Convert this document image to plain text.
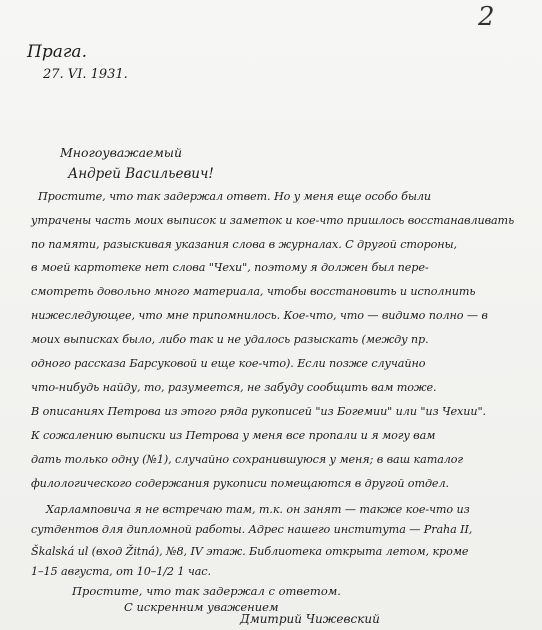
2
Прага.
27. VI. 1931.
Многоуважаемый
Андрей Васильевич!
Простите, что так задержал ответ. Но у меня еще особо были
утрачены часть моих выписок и заметок и кое-что пришлось восстанавливать
по памяти, разыскивая указания слова в журналах. С другой стороны,
в моей картотеке нет слова "Чехи", поэтому я должен был пере-
смотреть довольно много материала, чтобы восстановить и исполнить
нижеследующее, что мне припомнилось. Кое-что, что — видимо полно — в
моих выписках было, либо так и не удалось разыскать (между пр.
одного рассказа Барсуковой и еще кое-что). Если позже случайно
что-нибудь найду, то, разумеется, не забуду сообщить вам тоже.
В описаниях Петрова из этого ряда рукописей "из Богемии" или "из Чехии".
К сожалению выписки из Петрова у меня все пропали и я могу вам
дать только одну (№1), случайно сохранившуюся у меня; в ваш каталог
филологического содержания рукописи помещаются в другой отдел.
Харламповича я не встречаю там, т.к. он занят — также кое-что из
сутдентов для дипломной работы. Адрес нашего института — Praha II,
Škalská ul (вход Žitná), №8, IV этаж. Библиотека открыта летом, кроме
1–15 августа, от 10–1/2 1 час.
Простите, что так задержал с ответом.
С искренним уважением
Дмитрий Чижевский
